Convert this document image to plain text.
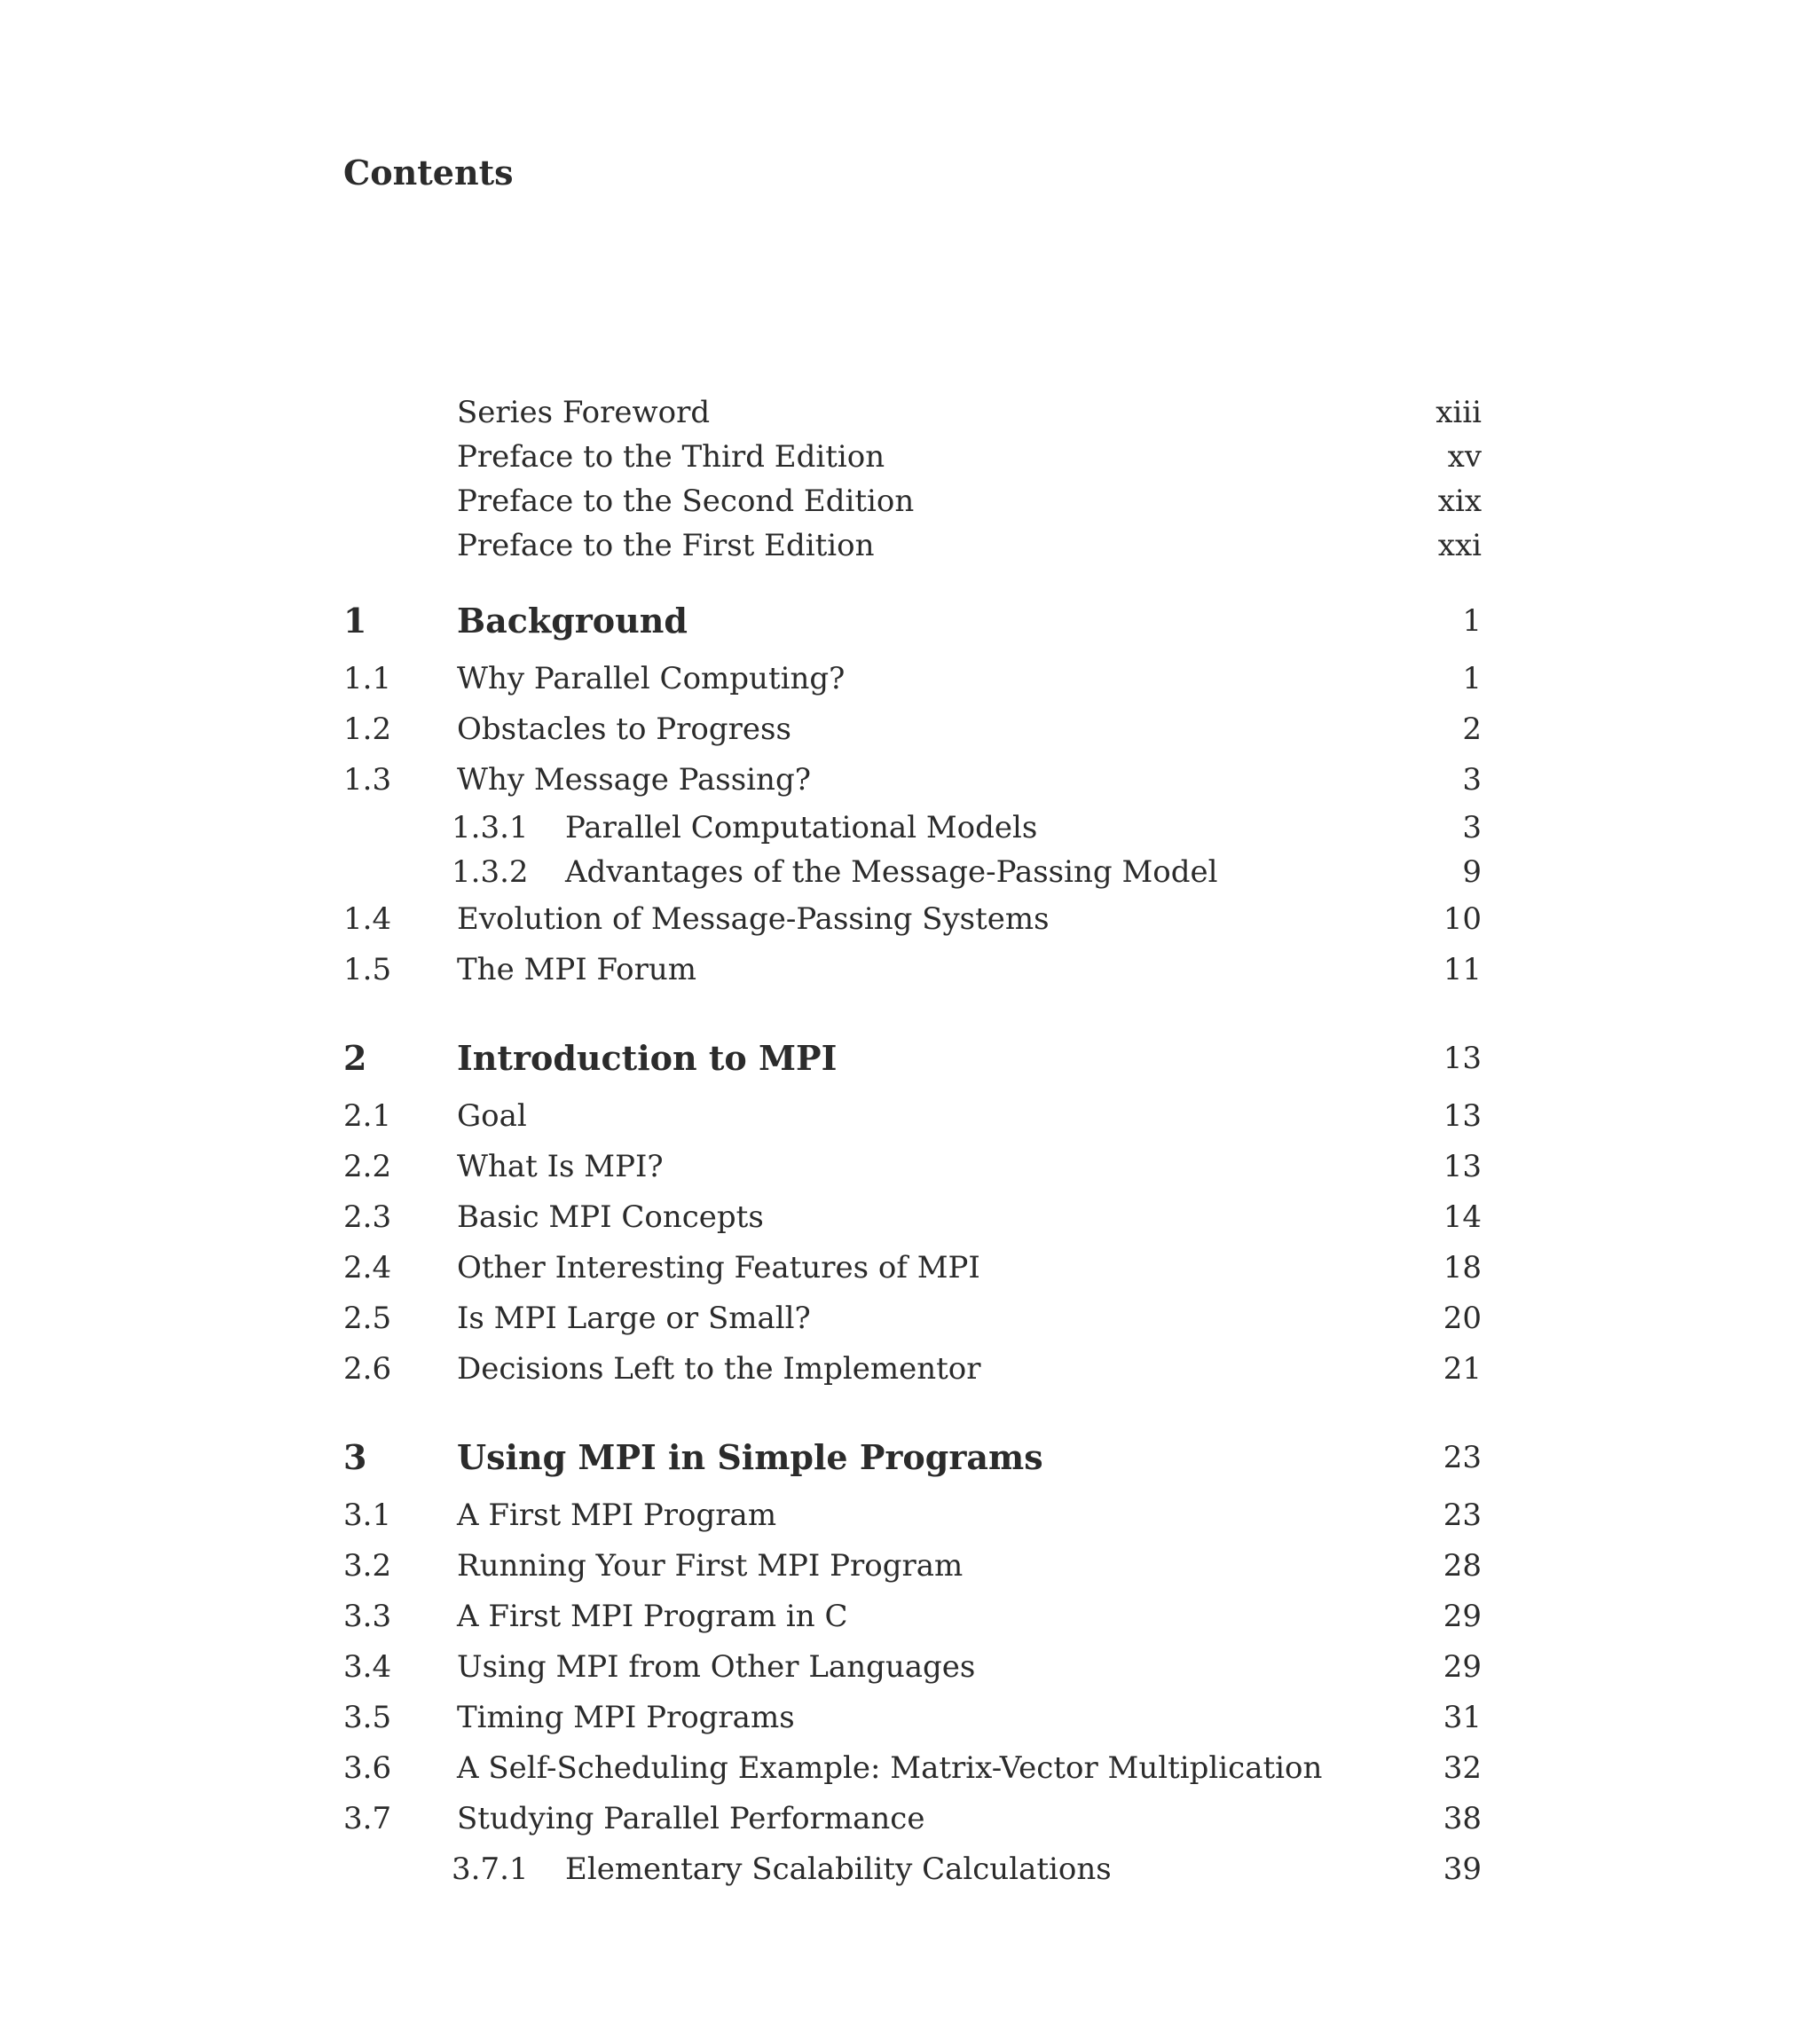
Contents
Series Foreword	xiii
Preface to the Third Edition	xv
Preface to the Second Edition	xix
Preface to the First Edition	xxi
1	Background	1
1.1 Why Parallel Computing?	1
1.2 Obstacles to Progress	2
1.3 Why Message Passing?	3
1.3.1 Parallel Computational Models	3
1.3.2 Advantages of the Message-Passing Model	9
1.4 Evolution of Message-Passing Systems	10
1.5 The MPI Forum	11
2	Introduction to MPI	13
2.1 Goal	13
2.2 What Is MPI?	13
2.3 Basic MPI Concepts	14
2.4 Other Interesting Features of MPI	18
2.5 Is MPI Large or Small?	20
2.6 Decisions Left to the Implementor	21
3	Using MPI in Simple Programs	23
3.1 A First MPI Program	23
3.2 Running Your First MPI Program	28
3.3 A First MPI Program in C	29
3.4 Using MPI from Other Languages	29
3.5 Timing MPI Programs	31
3.6 A Self-Scheduling Example: Matrix-Vector Multiplication	32
3.7 Studying Parallel Performance	38
3.7.1 Elementary Scalability Calculations	39
